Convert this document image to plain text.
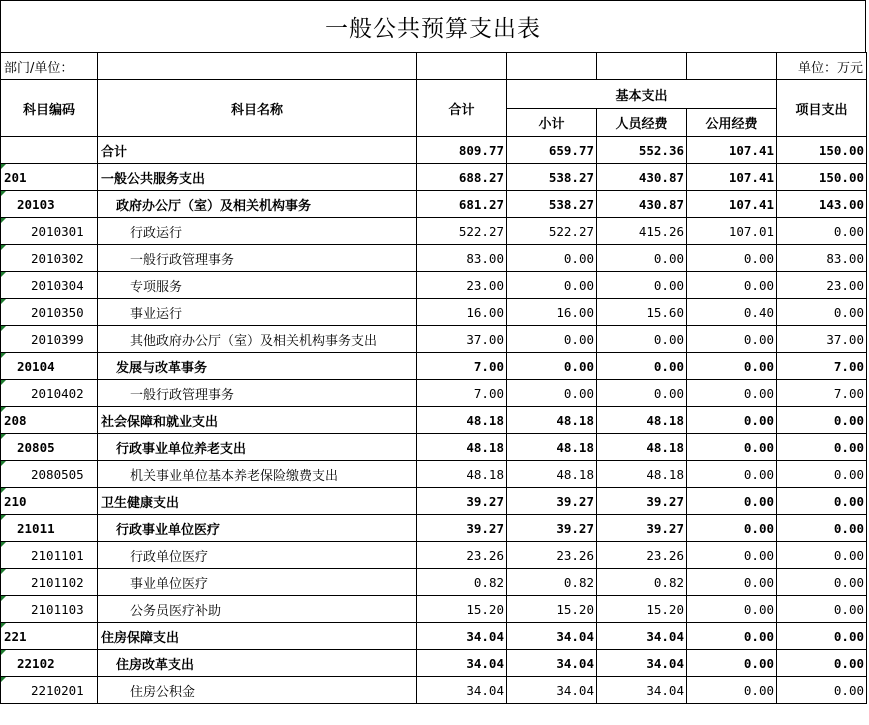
一般公共预算支出表
部门/单位：						单位：万元
科目编码	科目名称	合计	基本支出			项目支出
			小计	人员经费	公用经费	
	合计	809.77	659.77	552.36	107.41	150.00
201	一般公共服务支出	688.27	538.27	430.87	107.41	150.00
20103	政府办公厅（室）及相关机构事务	681.27	538.27	430.87	107.41	143.00
2010301	行政运行	522.27	522.27	415.26	107.01	0.00
2010302	一般行政管理事务	83.00	0.00	0.00	0.00	83.00
2010304	专项服务	23.00	0.00	0.00	0.00	23.00
2010350	事业运行	16.00	16.00	15.60	0.40	0.00
2010399	其他政府办公厅（室）及相关机构事务支出	37.00	0.00	0.00	0.00	37.00
20104	发展与改革事务	7.00	0.00	0.00	0.00	7.00
2010402	一般行政管理事务	7.00	0.00	0.00	0.00	7.00
208	社会保障和就业支出	48.18	48.18	48.18	0.00	0.00
20805	行政事业单位养老支出	48.18	48.18	48.18	0.00	0.00
2080505	机关事业单位基本养老保险缴费支出	48.18	48.18	48.18	0.00	0.00
210	卫生健康支出	39.27	39.27	39.27	0.00	0.00
21011	行政事业单位医疗	39.27	39.27	39.27	0.00	0.00
2101101	行政单位医疗	23.26	23.26	23.26	0.00	0.00
2101102	事业单位医疗	0.82	0.82	0.82	0.00	0.00
2101103	公务员医疗补助	15.20	15.20	15.20	0.00	0.00
221	住房保障支出	34.04	34.04	34.04	0.00	0.00
22102	住房改革支出	34.04	34.04	34.04	0.00	0.00
2210201	住房公积金	34.04	34.04	34.04	0.00	0.00
